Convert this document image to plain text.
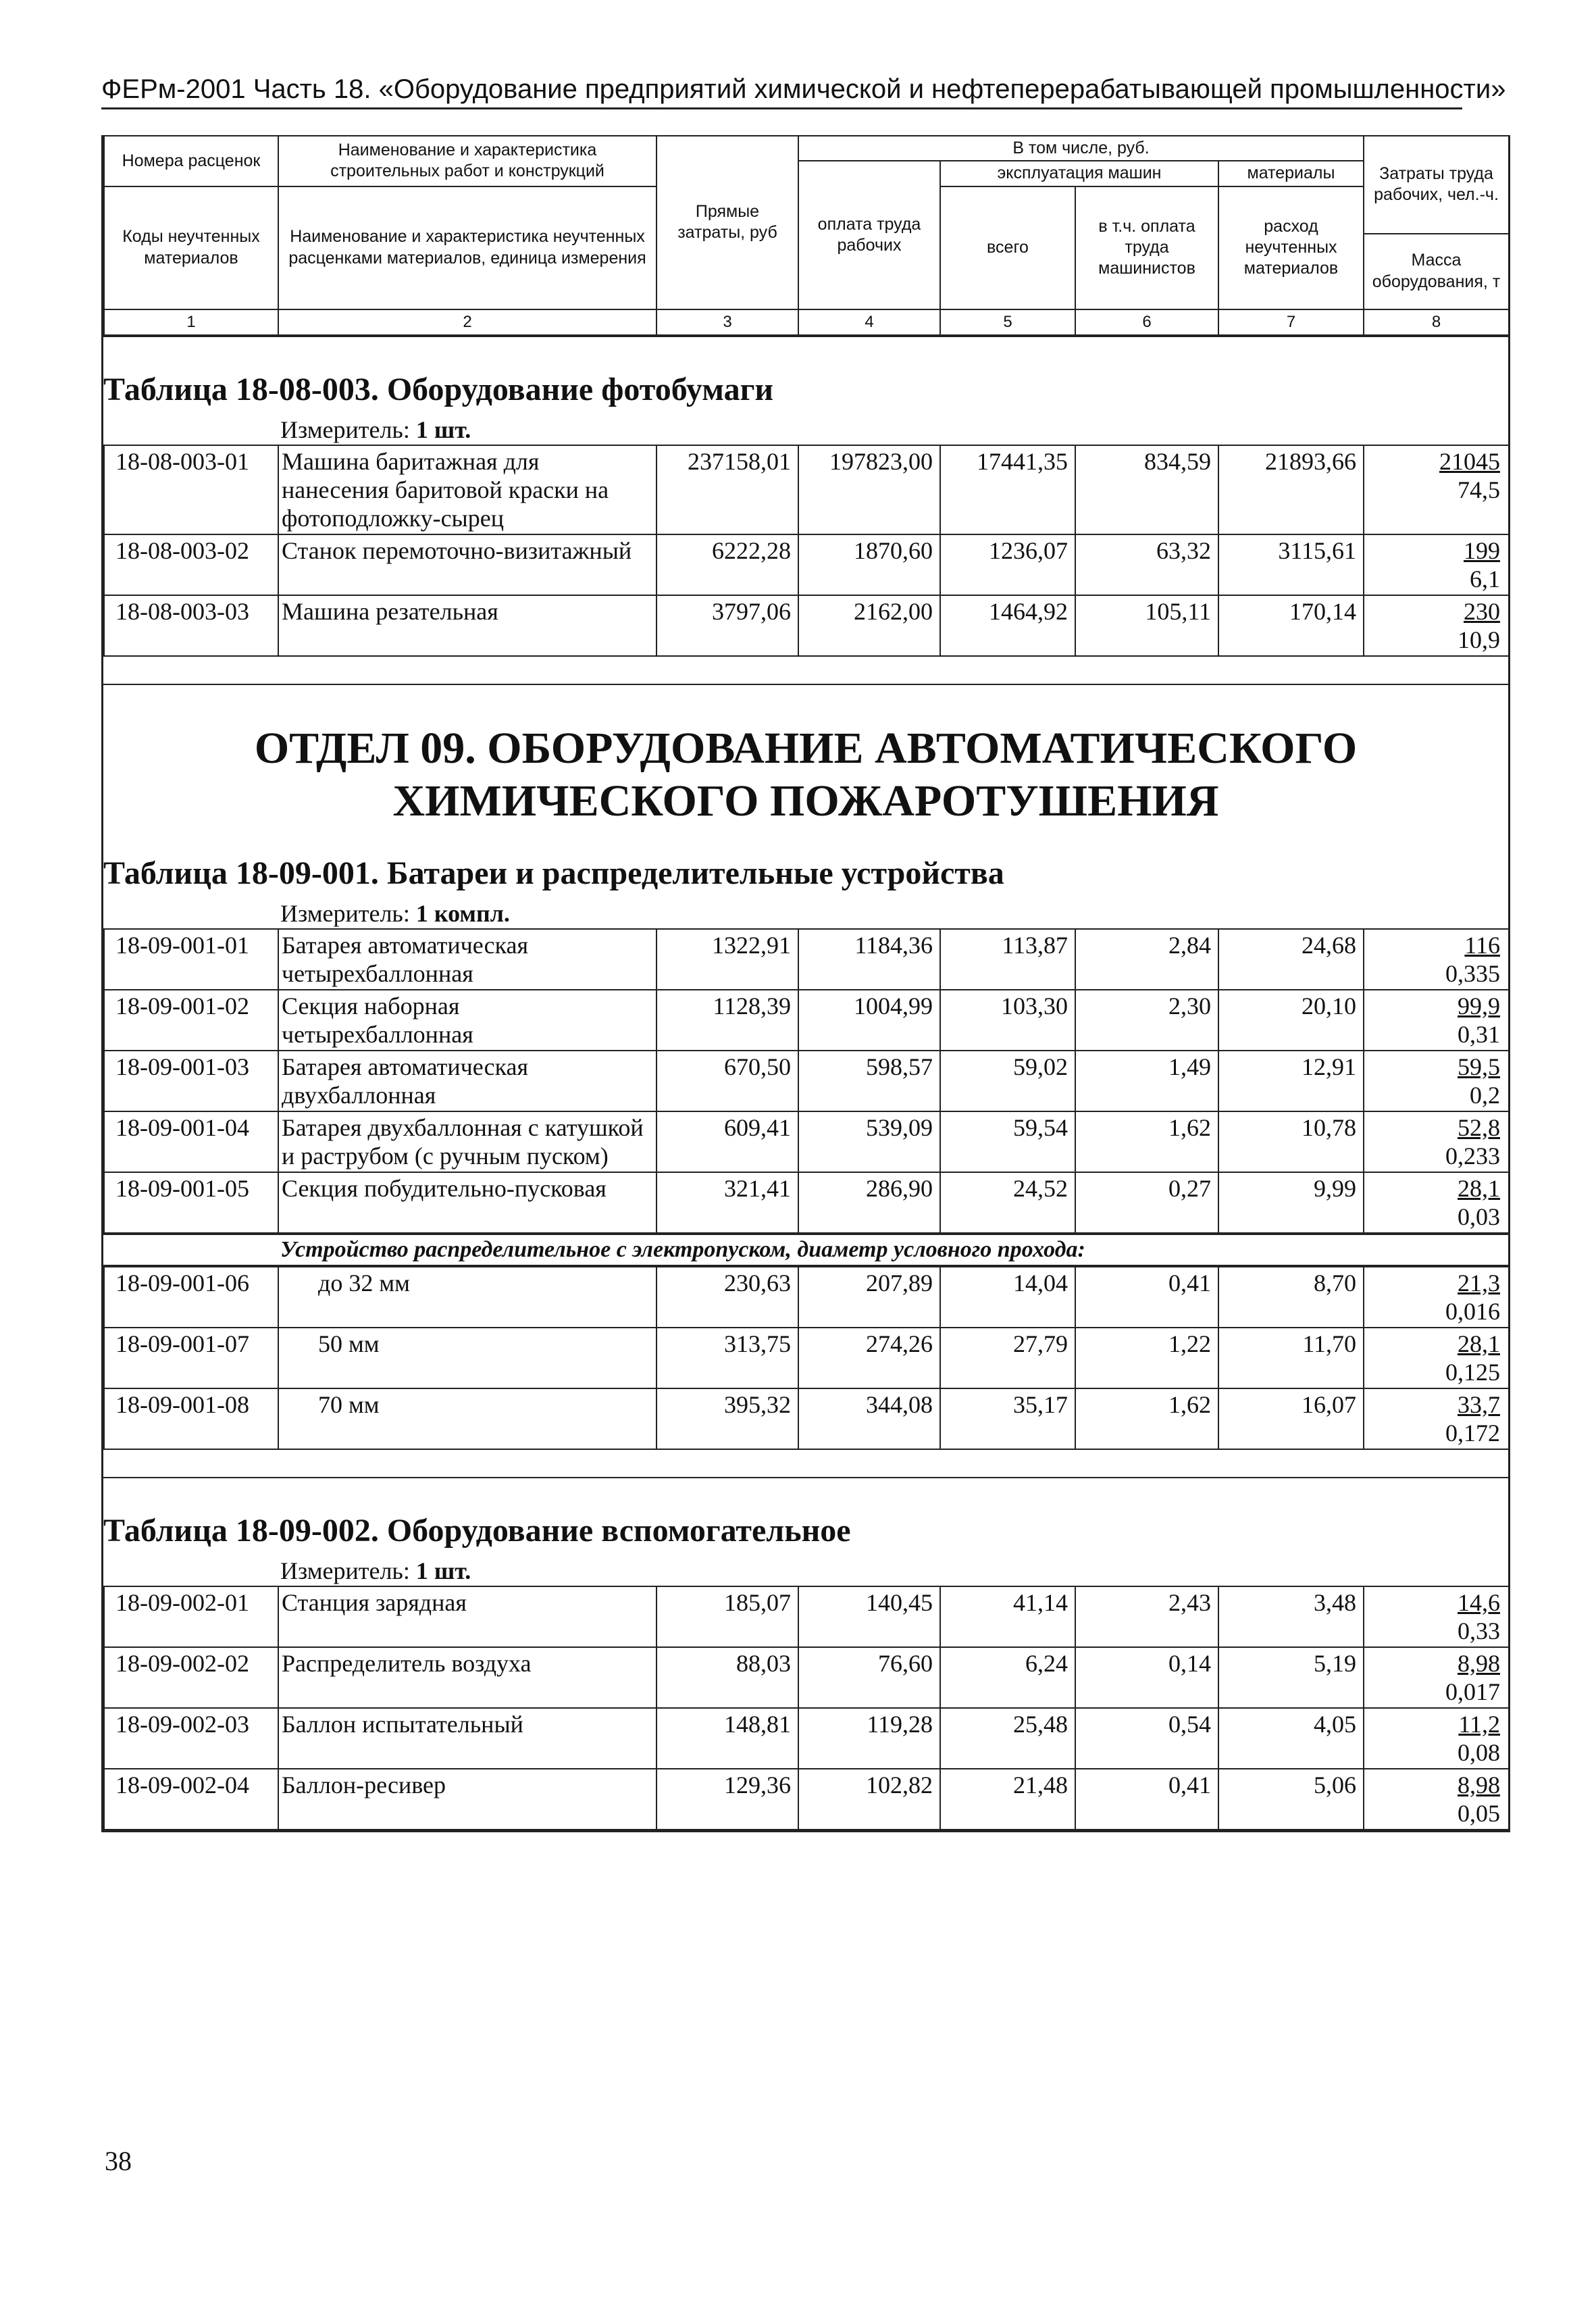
ФЕРм-2001 Часть 18. «Оборудование предприятий химической и нефтеперерабатывающей промышленности»
Номера расценок	Наименование и характеристика строительных работ и конструкций	Прямые затраты, руб	В том числе, руб.				Затраты труда рабочих, чел.-ч.
			оплата труда рабочих	эксплуатация машин		материалы	
Коды неучтенных материалов	Наименование и характеристика неучтенных расценками материалов, единица измерения			всего	в т.ч. оплата труда машинистов	расход неучтенных материалов	
							Масса оборудования, т
1	2	3	4	5	6	7	8
Таблица 18-08-003. Оборудование фотобумаги
Измеритель: 1 шт.
18-08-003-01	Машина баритажная для нанесения баритовой краски на фотоподложку-сырец	237158,01	197823,00	17441,35	834,59	21893,66	21045
74,5

18-08-003-02	Станок перемоточно-визитажный	6222,28	1870,60	1236,07	63,32	3115,61	199
6,1

18-08-003-03	Машина резательная	3797,06	2162,00	1464,92	105,11	170,14	230
10,9
ОТДЕЛ 09. ОБОРУДОВАНИЕ АВТОМАТИЧЕСКОГО ХИМИЧЕСКОГО ПОЖАРОТУШЕНИЯ
Таблица 18-09-001. Батареи и распределительные устройства
Измеритель: 1 компл.
18-09-001-01	Батарея автоматическая четырехбаллонная	1322,91	1184,36	113,87	2,84	24,68	116
0,335

18-09-001-02	Секция наборная четырехбаллонная	1128,39	1004,99	103,30	2,30	20,10	99,9
0,31

18-09-001-03	Батарея автоматическая двухбаллонная	670,50	598,57	59,02	1,49	12,91	59,5
0,2

18-09-001-04	Батарея двухбаллонная с катушкой и раструбом (с ручным пуском)	609,41	539,09	59,54	1,62	10,78	52,8
0,233

18-09-001-05	Секция побудительно-пусковая	321,41	286,90	24,52	0,27	9,99	28,1
0,03
Устройство распределительное с электропуском, диаметр условного прохода:
18-09-001-06	до 32 мм	230,63	207,89	14,04	0,41	8,70	21,3
0,016

18-09-001-07	50 мм	313,75	274,26	27,79	1,22	11,70	28,1
0,125

18-09-001-08	70 мм	395,32	344,08	35,17	1,62	16,07	33,7
0,172
Таблица 18-09-002. Оборудование вспомогательное
Измеритель: 1 шт.
18-09-002-01	Станция зарядная	185,07	140,45	41,14	2,43	3,48	14,6
0,33

18-09-002-02	Распределитель воздуха	88,03	76,60	6,24	0,14	5,19	8,98
0,017

18-09-002-03	Баллон испытательный	148,81	119,28	25,48	0,54	4,05	11,2
0,08

18-09-002-04	Баллон-ресивер	129,36	102,82	21,48	0,41	5,06	8,98
0,05
38
